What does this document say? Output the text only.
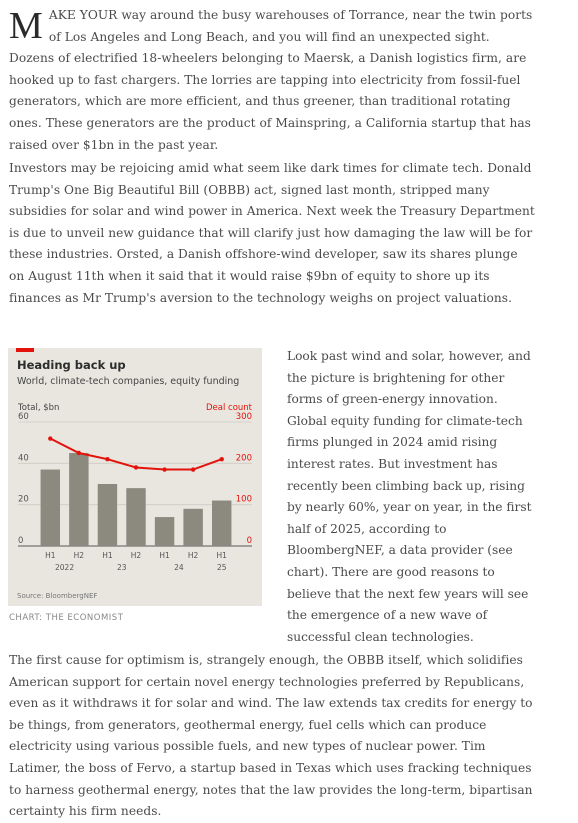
MAKE YOUR way around the busy warehouses of Torrance, near the twin ports of Los Angeles and Long Beach, and you will find an unexpected sight. Dozens of electrified 18-wheelers belonging to Maersk, a Danish logistics firm, are hooked up to fast chargers. The lorries are tapping into electricity from fossil-fuel generators, which are more efficient, and thus greener, than traditional rotating ones. These generators are the product of Mainspring, a California startup that has raised over $1bn in the past year.
Investors may be rejoicing amid what seem like dark times for climate tech. Donald Trump's One Big Beautiful Bill (OBBB) act, signed last month, stripped many subsidies for solar and wind power in America. Next week the Treasury Department is due to unveil new guidance that will clarify just how damaging the law will be for these industries. Orsted, a Danish offshore-wind developer, saw its shares plunge on August 11th when it said that it would raise $9bn of equity to shore up its finances as Mr Trump's aversion to the technology weighs on project valuations.
Heading back up
World, climate-tech companies, equity funding
Total, $bn	Deal count
60
40
20
0
300
200
100
0
H1 H2 H1 H2 H1 H2 H1
2022	23	24	25
Source: BloombergNEF
CHART: THE ECONOMIST
Look past wind and solar, however, and the picture is brightening for other forms of green-energy innovation. Global equity funding for climate-tech firms plunged in 2024 amid rising interest rates. But investment has recently been climbing back up, rising by nearly 60%, year on year, in the first half of 2025, according to BloombergNEF, a data provider (see chart). There are good reasons to believe that the next few years will see the emergence of a new wave of successful clean technologies.
The first cause for optimism is, strangely enough, the OBBB itself, which solidifies American support for certain novel energy technologies preferred by Republicans, even as it withdraws it for solar and wind. The law extends tax credits for energy to be things, from generators, geothermal energy, fuel cells which can produce electricity using various possible fuels, and new types of nuclear power. Tim Latimer, the boss of Fervo, a startup based in Texas which uses fracking techniques to harness geothermal energy, notes that the law provides the long-term, bipartisan certainty his firm needs.
